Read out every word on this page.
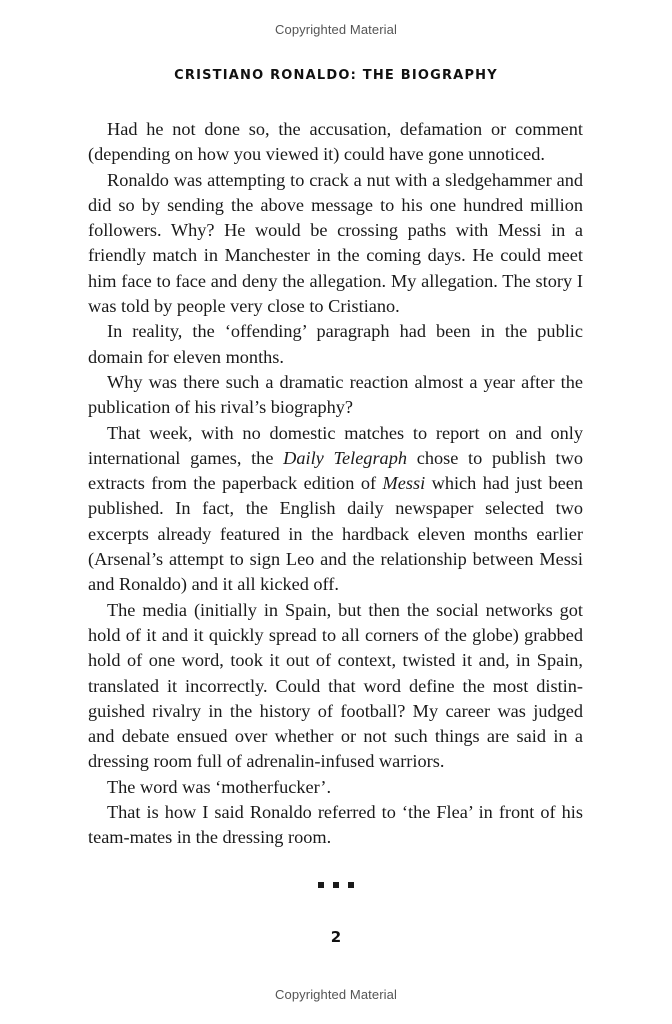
Copyrighted Material
CRISTIANO RONALDO: THE BIOGRAPHY

Had he not done so, the accusation, defamation or comment (depending on how you viewed it) could have gone unnoticed.

Ronaldo was attempting to crack a nut with a sledgehammer and did so by sending the above message to his one hundred million followers. Why? He would be crossing paths with Messi in a friendly match in Manchester in the coming days. He could meet him face to face and deny the allegation. My allegation. The story I was told by people very close to Cristiano.

In reality, the ‘offending’ paragraph had been in the public domain for eleven months.

Why was there such a dramatic reaction almost a year after the publication of his rival’s biography?

That week, with no domestic matches to report on and only international games, the Daily Telegraph chose to publish two extracts from the paperback edition of Messi which had just been published. In fact, the English daily newspaper selected two excerpts already featured in the hardback eleven months earlier (Arsenal’s attempt to sign Leo and the relationship between Messi and Ronaldo) and it all kicked off.

The media (initially in Spain, but then the social networks got hold of it and it quickly spread to all corners of the globe) grabbed hold of one word, took it out of context, twisted it and, in Spain, translated it incorrectly. Could that word define the most distinguished rivalry in the history of football? My career was judged and debate ensued over whether or not such things are said in a dressing room full of adrenalin-infused warriors.

The word was ‘motherfucker’.

That is how I said Ronaldo referred to ‘the Flea’ in front of his team-mates in the dressing room.

2
Copyrighted Material
